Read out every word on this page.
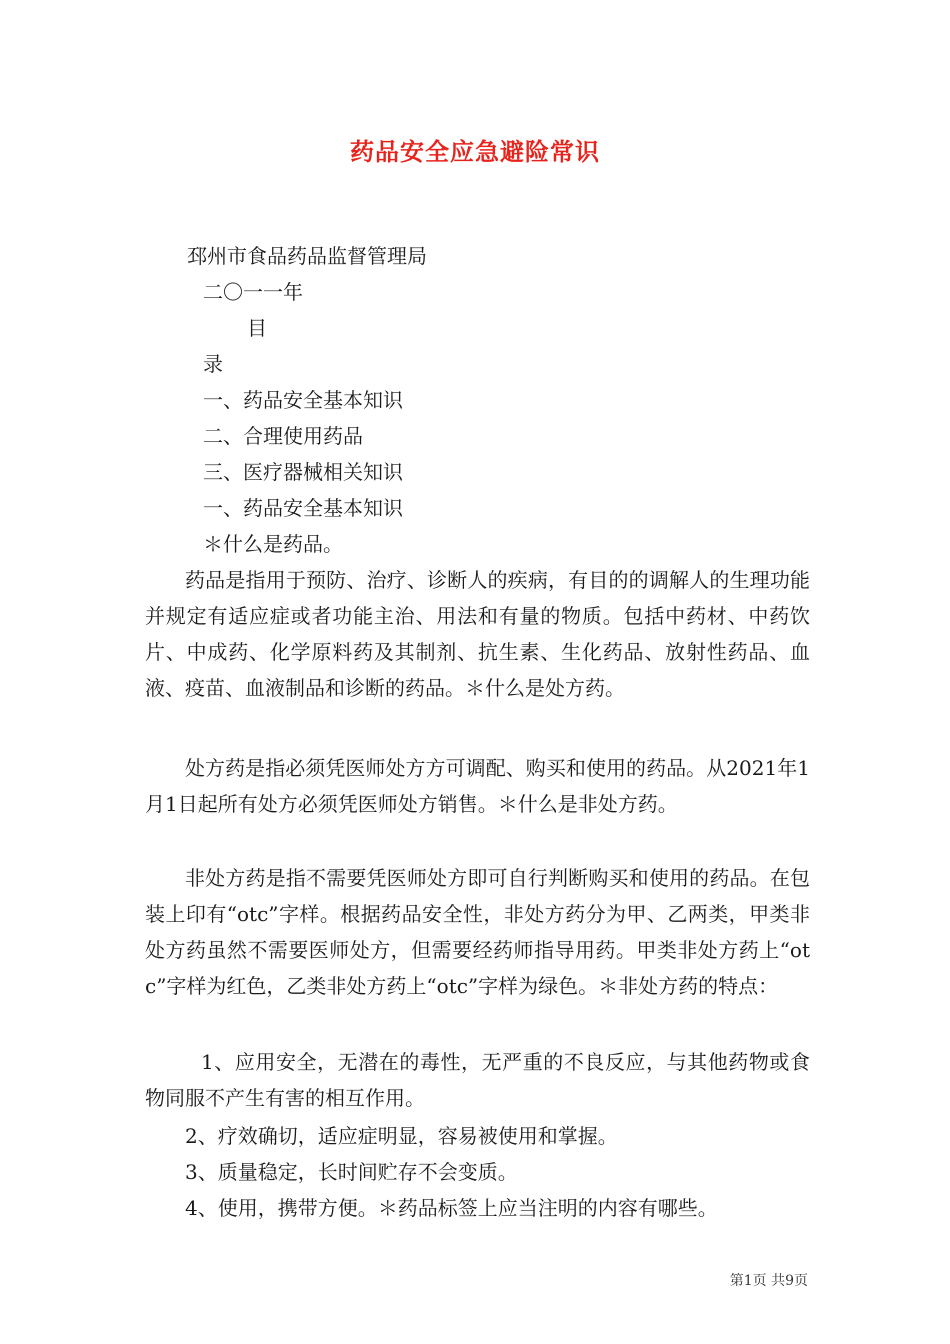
药品安全应急避险常识
邳州市食品药品监督管理局
二〇一一年
目
录
一、药品安全基本知识
二、合理使用药品
三、医疗器械相关知识
一、药品安全基本知识
＊什么是药品。
药品是指用于预防、治疗、诊断人的疾病，有目的的调解人的生理功能并规定有适应症或者功能主治、用法和有量的物质。包括中药材、中药饮片、中成药、化学原料药及其制剂、抗生素、生化药品、放射性药品、血液、疫苗、血液制品和诊断的药品。＊什么是处方药。
处方药是指必须凭医师处方方可调配、购买和使用的药品。从2021年1月1日起所有处方必须凭医师处方销售。＊什么是非处方药。
非处方药是指不需要凭医师处方即可自行判断购买和使用的药品。在包装上印有“otc”字样。根据药品安全性，非处方药分为甲、乙两类，甲类非处方药虽然不需要医师处方，但需要经药师指导用药。甲类非处方药上“otc”字样为红色，乙类非处方药上“otc”字样为绿色。＊非处方药的特点：
1、应用安全，无潜在的毒性，无严重的不良反应，与其他药物或食物同服不产生有害的相互作用。
2、疗效确切，适应症明显，容易被使用和掌握。
3、质量稳定，长时间贮存不会变质。
4、使用，携带方便。＊药品标签上应当注明的内容有哪些。
第1页 共9页
